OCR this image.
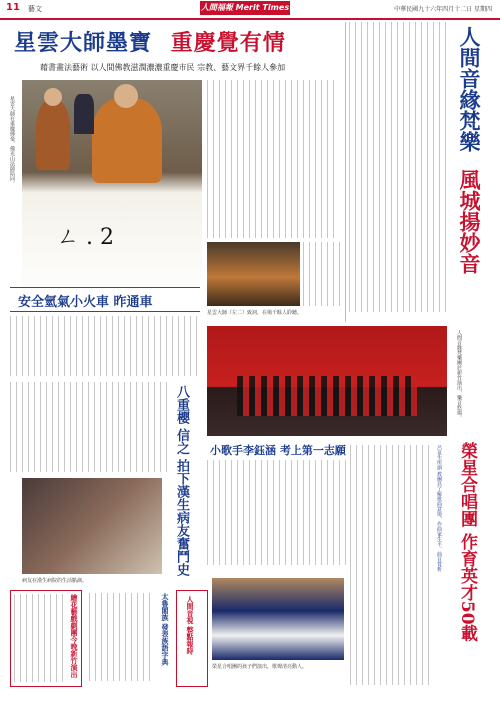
11 藝文	人間福報 Merit Times	中華民國九十六年四月十二日 星期四
星雲大師墨寶 重慶覺有情
藉書畫法藝術 以人間佛教滋潤濃濃重慶市民 宗教、藝文界千餘人參加
ㄥ . 2
星雲大師在重慶揮毫，佛光山法師陪同。
星雲大師（左二）致詞，在場千餘人聆聽。
人間音緣梵樂 風城揚妙音
安全氫氣小火車 昨通車
人間音緣梵樂團於新竹演出，樂音悠揚。
八重櫻 信之 拍下漢生病友奮鬥史
病友在漢生病院的生活點滴。
小歌手李鈺涵 考上第一志願	榮星合唱團 作育英才50載
呂泉生所創 教團員了解歌曲意境、作曲家生平、曲目賞析
繪花藝戲劇團今晚新竹演出	太魯閣族 發表族語字典 人間音視 整點報時
榮星合唱團的孩子們演出，歌聲清亮動人。
